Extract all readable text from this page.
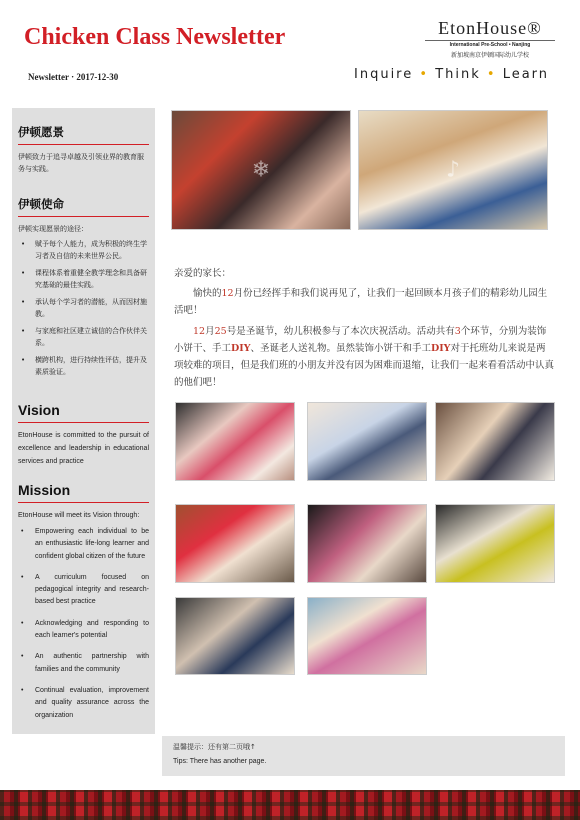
Chicken Class Newsletter	EtonHouse®
International Pre-School • Nanjing
新加坡南京伊顿国际幼儿学校
Newsletter · 2017-12-30	Inquire • Think • Learn
伊顿愿景

伊顿致力于追寻卓越及引领业界的教育服务与实践。

伊顿使命

伊顿实现愿景的途径：

• 赋予每个人能力，成为积极的终生学习者及自信的未来世界公民。
• 课程体系着重健全教学理念和具备研究基础的最佳实践。
• 承认每个学习者的潜能，从而因材施教。
• 与家庭和社区建立诚信的合作伙伴关系。
• 横跨机构，进行持续性评估，提升及素质验证。
Vision

EtonHouse is committed to the pursuit of excellence and leadership in educational services and practice

Mission

EtonHouse will meet its Vision through:

• Empowering each individual to be an enthusiastic life-long learner and confident global citizen of the future
• A curriculum focused on pedagogical integrity and research-based best practice
• Acknowledging and responding to each learner's potential
• An authentic partnership with families and the community
• Continual evaluation, improvement and quality assurance across the organization
❄	♪

亲爱的家长：

愉快的12月份已经挥手和我们说再见了，让我们一起回顾本月孩子们的精彩幼儿园生活吧！

12月25号是圣诞节，幼儿积极参与了本次庆祝活动。活动共有3个环节，分别为装饰小饼干、手工DIY、圣诞老人送礼物。虽然装饰小饼干和手工DIY对于托班幼儿来说是两项较难的项目，但是我们班的小朋友并没有因为困难而退缩，让我们一起来看看活动中认真的他们吧！

温馨提示：还有第二页哦↑
Tips: There has another page.
